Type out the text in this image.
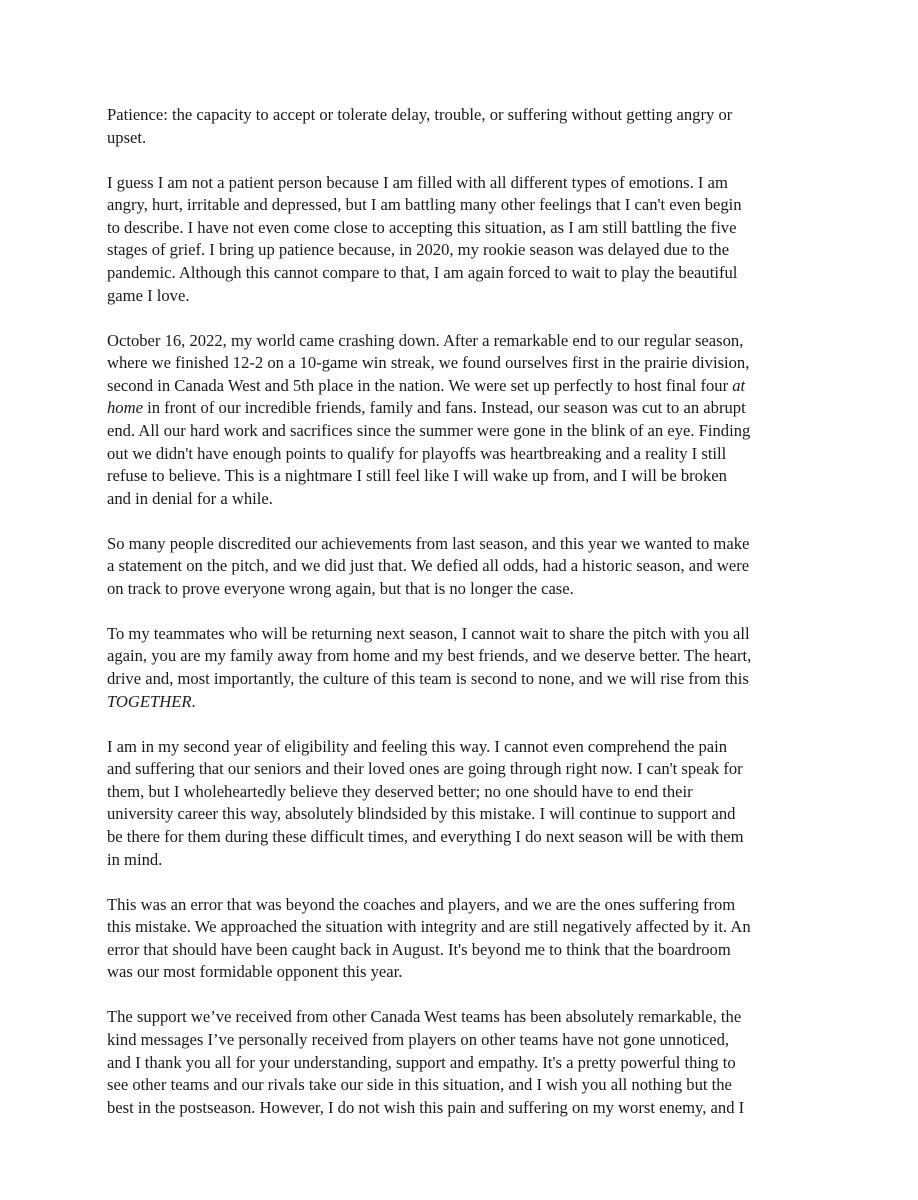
Patience: the capacity to accept or tolerate delay, trouble, or suffering without getting angry or
upset.

I guess I am not a patient person because I am filled with all different types of emotions. I am
angry, hurt, irritable and depressed, but I am battling many other feelings that I can't even begin
to describe. I have not even come close to accepting this situation, as I am still battling the five
stages of grief. I bring up patience because, in 2020, my rookie season was delayed due to the
pandemic. Although this cannot compare to that, I am again forced to wait to play the beautiful
game I love.

October 16, 2022, my world came crashing down. After a remarkable end to our regular season,
where we finished 12-2 on a 10-game win streak, we found ourselves first in the prairie division,
second in Canada West and 5th place in the nation. We were set up perfectly to host final four at
home in front of our incredible friends, family and fans. Instead, our season was cut to an abrupt
end. All our hard work and sacrifices since the summer were gone in the blink of an eye. Finding
out we didn't have enough points to qualify for playoffs was heartbreaking and a reality I still
refuse to believe. This is a nightmare I still feel like I will wake up from, and I will be broken
and in denial for a while.

So many people discredited our achievements from last season, and this year we wanted to make
a statement on the pitch, and we did just that. We defied all odds, had a historic season, and were
on track to prove everyone wrong again, but that is no longer the case.

To my teammates who will be returning next season, I cannot wait to share the pitch with you all
again, you are my family away from home and my best friends, and we deserve better. The heart,
drive and, most importantly, the culture of this team is second to none, and we will rise from this
TOGETHER.

I am in my second year of eligibility and feeling this way. I cannot even comprehend the pain
and suffering that our seniors and their loved ones are going through right now. I can't speak for
them, but I wholeheartedly believe they deserved better; no one should have to end their
university career this way, absolutely blindsided by this mistake. I will continue to support and
be there for them during these difficult times, and everything I do next season will be with them
in mind.

This was an error that was beyond the coaches and players, and we are the ones suffering from
this mistake. We approached the situation with integrity and are still negatively affected by it. An
error that should have been caught back in August. It's beyond me to think that the boardroom
was our most formidable opponent this year.

The support we’ve received from other Canada West teams has been absolutely remarkable, the
kind messages I’ve personally received from players on other teams have not gone unnoticed,
and I thank you all for your understanding, support and empathy. It's a pretty powerful thing to
see other teams and our rivals take our side in this situation, and I wish you all nothing but the
best in the postseason. However, I do not wish this pain and suffering on my worst enemy, and I
